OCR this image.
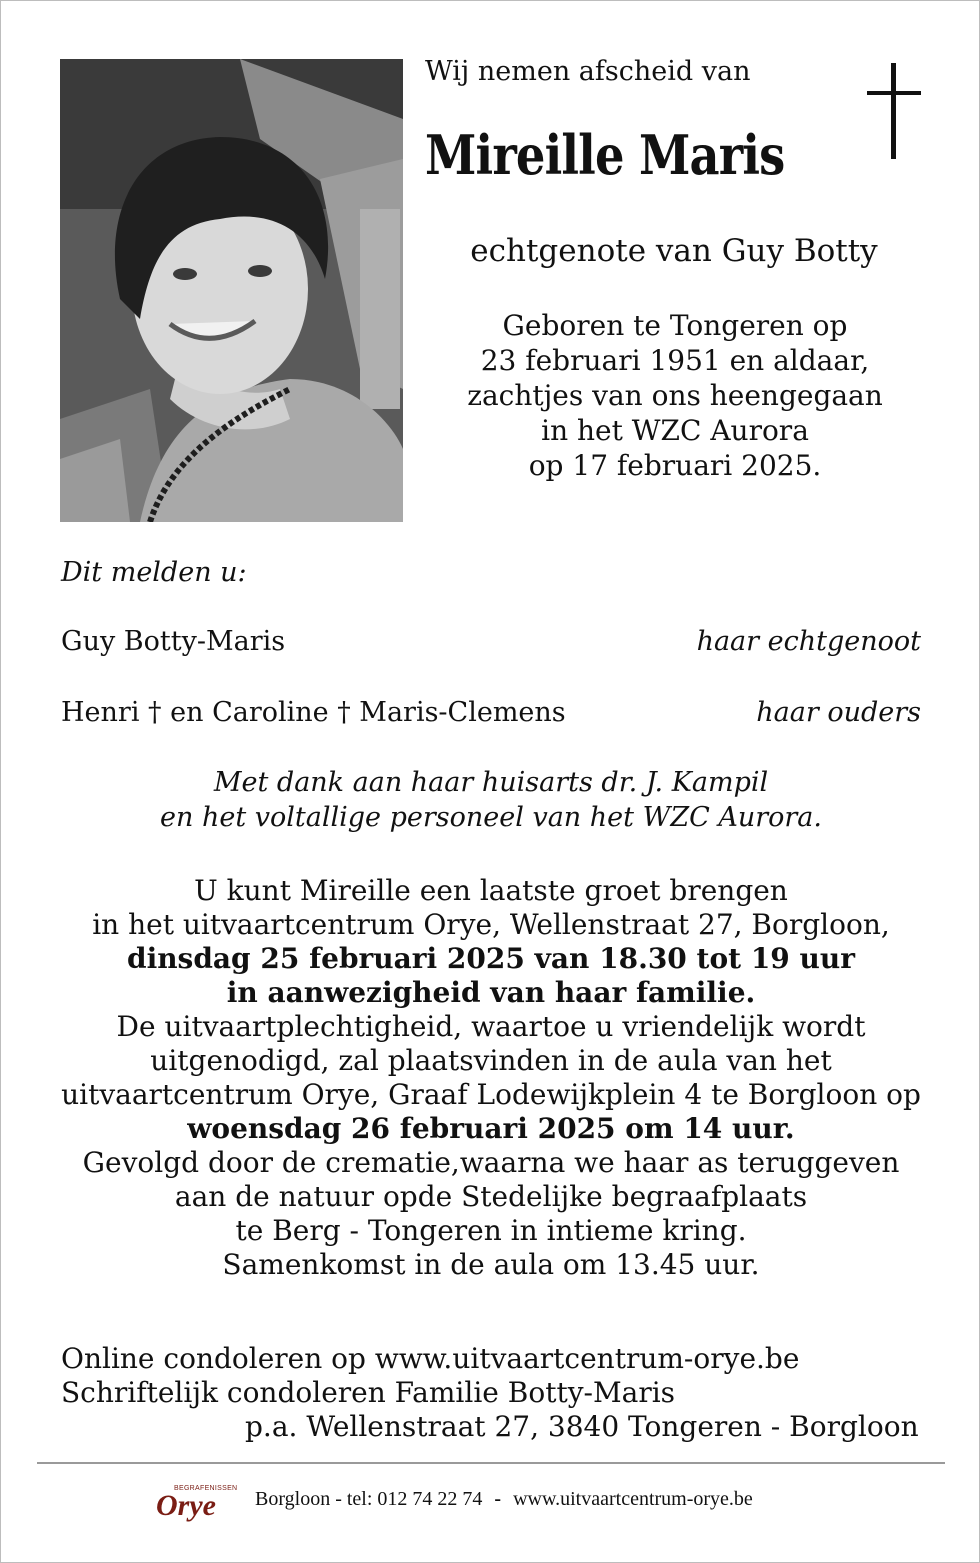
Wij nemen afscheid van
Mireille Maris
echtgenote van Guy Botty
Geboren te Tongeren op
23 februari 1951 en aldaar,
zachtjes van ons heengegaan
in het WZC Aurora
op 17 februari 2025.
Dit melden u:
Guy Botty-Maris	haar echtgenoot
Henri † en Caroline † Maris-Clemens	haar ouders
Met dank aan haar huisarts dr. J. Kampil
en het voltallige personeel van het WZC Aurora.
U kunt Mireille een laatste groet brengen
in het uitvaartcentrum Orye, Wellenstraat 27, Borgloon,
dinsdag 25 februari 2025 van 18.30 tot 19 uur
in aanwezigheid van haar familie.
De uitvaartplechtigheid, waartoe u vriendelijk wordt
uitgenodigd, zal plaatsvinden in de aula van het
uitvaartcentrum Orye, Graaf Lodewijkplein 4 te Borgloon op
woensdag 26 februari 2025 om 14 uur.
Gevolgd door de crematie,waarna we haar as teruggeven
aan de natuur opde Stedelijke begraafplaats
te Berg - Tongeren in intieme kring.
Samenkomst in de aula om 13.45 uur.
Online condoleren op www.uitvaartcentrum-orye.be
Schriftelijk condoleren Familie Botty-Maris
p.a. Wellenstraat 27, 3840 Tongeren - Borgloon
BEGRAFENISSEN
Orye Borgloon - tel: 012 74 22 74 - www.uitvaartcentrum-orye.be
